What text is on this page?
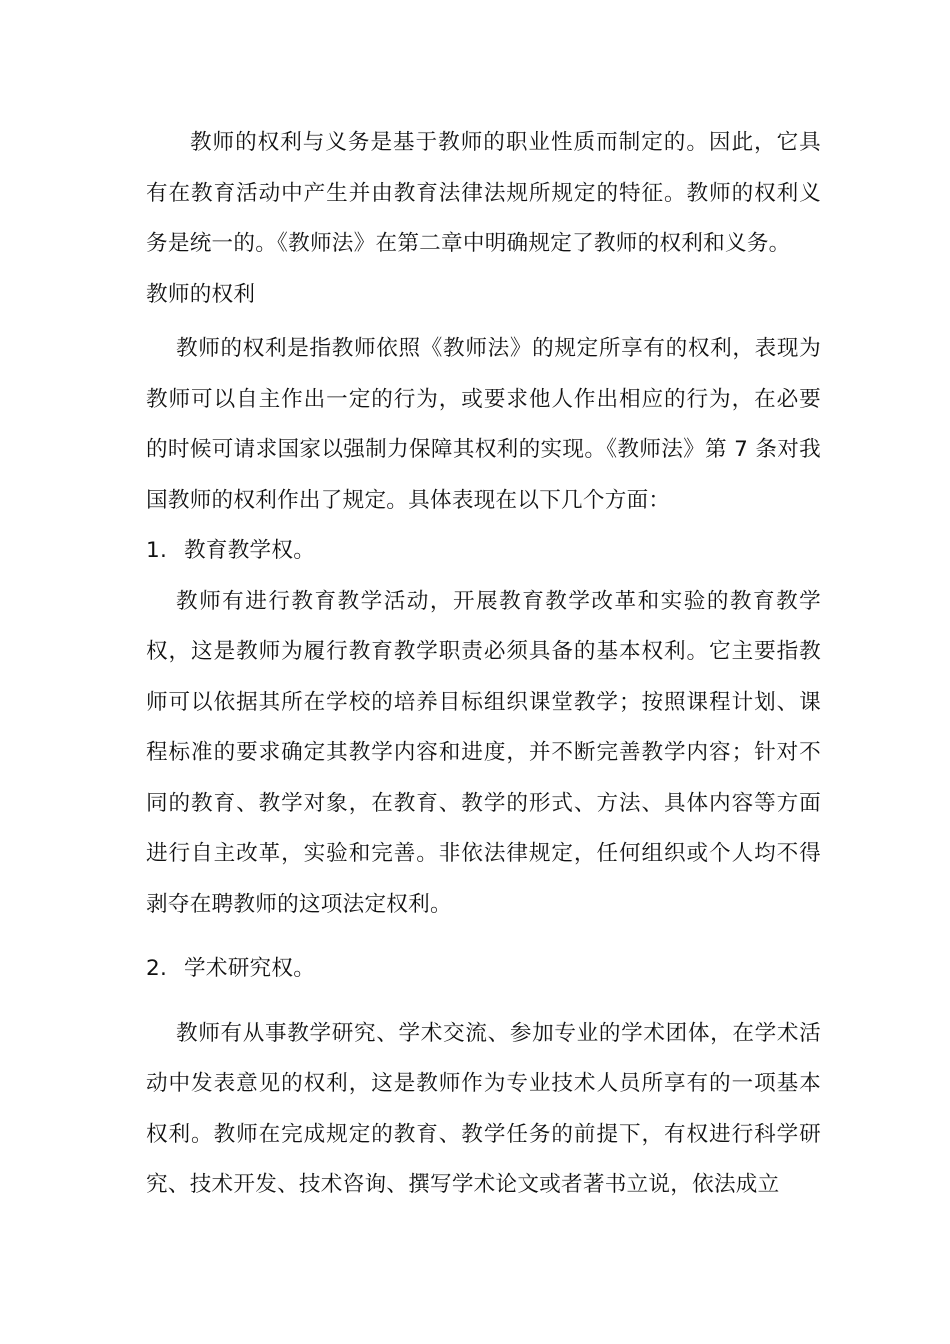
教师的权利与义务是基于教师的职业性质而制定的。因此，它具有在教育活动中产生并由教育法律法规所规定的特征。教师的权利义务是统一的。《教师法》在第二章中明确规定了教师的权利和义务。

教师的权利

教师的权利是指教师依照《教师法》的规定所享有的权利，表现为教师可以自主作出一定的行为，或要求他人作出相应的行为，在必要的时候可请求国家以强制力保障其权利的实现。《教师法》第 7 条对我国教师的权利作出了规定。具体表现在以下几个方面：

1. 教育教学权。

教师有进行教育教学活动，开展教育教学改革和实验的教育教学权，这是教师为履行教育教学职责必须具备的基本权利。它主要指教师可以依据其所在学校的培养目标组织课堂教学；按照课程计划、课程标准的要求确定其教学内容和进度，并不断完善教学内容；针对不同的教育、教学对象，在教育、教学的形式、方法、具体内容等方面进行自主改革，实验和完善。非依法律规定，任何组织或个人均不得剥夺在聘教师的这项法定权利。

2. 学术研究权。

教师有从事教学研究、学术交流、参加专业的学术团体，在学术活动中发表意见的权利，这是教师作为专业技术人员所享有的一项基本权利。教师在完成规定的教育、教学任务的前提下，有权进行科学研究、技术开发、技术咨询、撰写学术论文或者著书立说，依法成立
